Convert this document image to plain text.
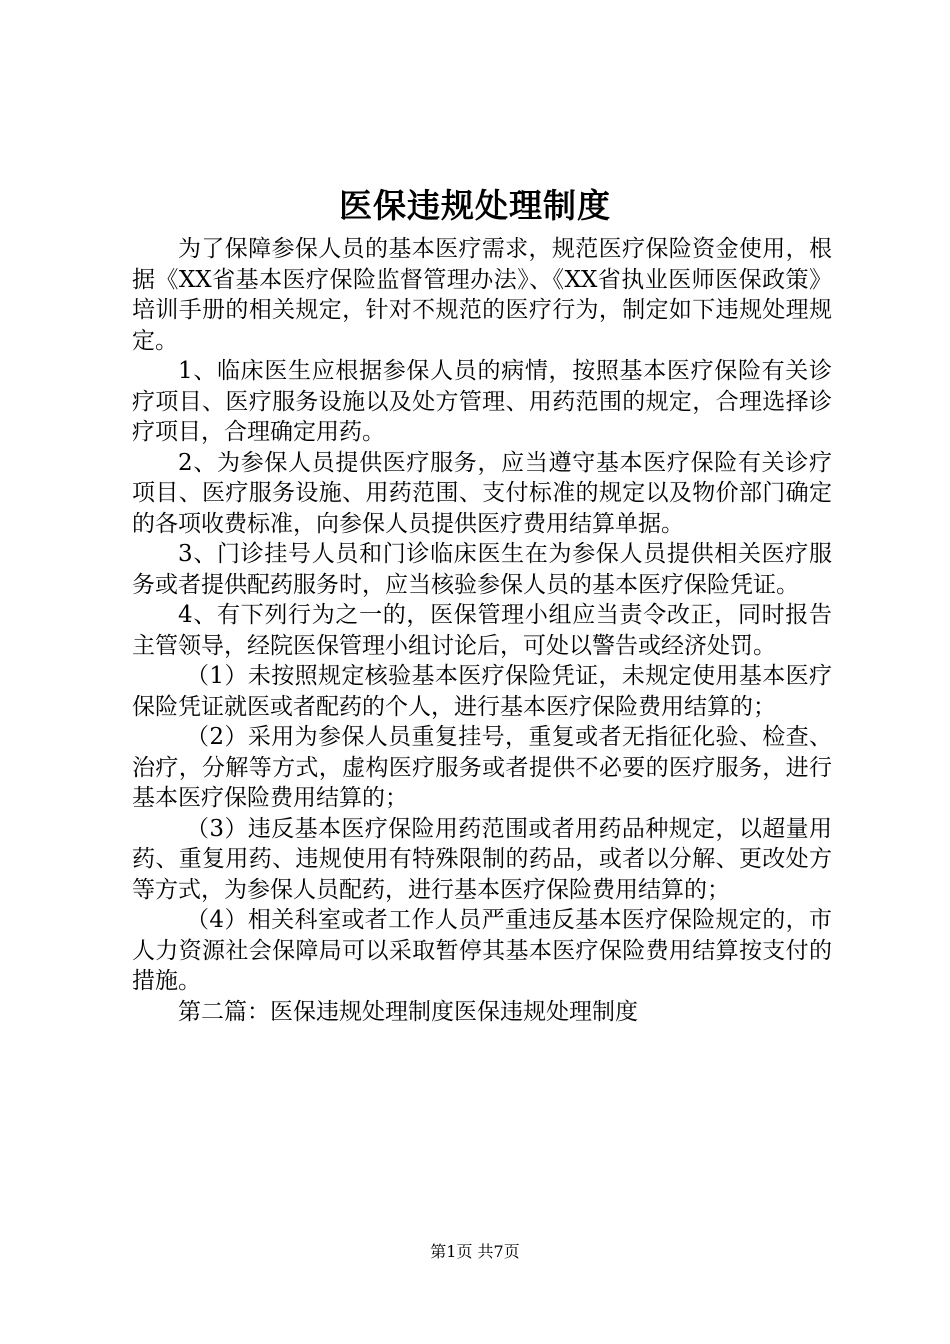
医保违规处理制度

为了保障参保人员的基本医疗需求，规范医疗保险资金使用，根据《XX省基本医疗保险监督管理办法》、《XX省执业医师医保政策》培训手册的相关规定，针对不规范的医疗行为，制定如下违规处理规定。

1、临床医生应根据参保人员的病情，按照基本医疗保险有关诊疗项目、医疗服务设施以及处方管理、用药范围的规定，合理选择诊疗项目，合理确定用药。

2、为参保人员提供医疗服务，应当遵守基本医疗保险有关诊疗项目、医疗服务设施、用药范围、支付标准的规定以及物价部门确定的各项收费标准，向参保人员提供医疗费用结算单据。

3、门诊挂号人员和门诊临床医生在为参保人员提供相关医疗服务或者提供配药服务时，应当核验参保人员的基本医疗保险凭证。

4、有下列行为之一的，医保管理小组应当责令改正，同时报告主管领导，经院医保管理小组讨论后，可处以警告或经济处罚。

（1）未按照规定核验基本医疗保险凭证，未规定使用基本医疗保险凭证就医或者配药的个人，进行基本医疗保险费用结算的；

（2）采用为参保人员重复挂号，重复或者无指征化验、检查、治疗，分解等方式，虚构医疗服务或者提供不必要的医疗服务，进行基本医疗保险费用结算的；

（3）违反基本医疗保险用药范围或者用药品种规定，以超量用药、重复用药、违规使用有特殊限制的药品，或者以分解、更改处方等方式，为参保人员配药，进行基本医疗保险费用结算的；

（4）相关科室或者工作人员严重违反基本医疗保险规定的，市人力资源社会保障局可以采取暂停其基本医疗保险费用结算按支付的措施。

第二篇：医保违规处理制度医保违规处理制度

第1页 共7页
